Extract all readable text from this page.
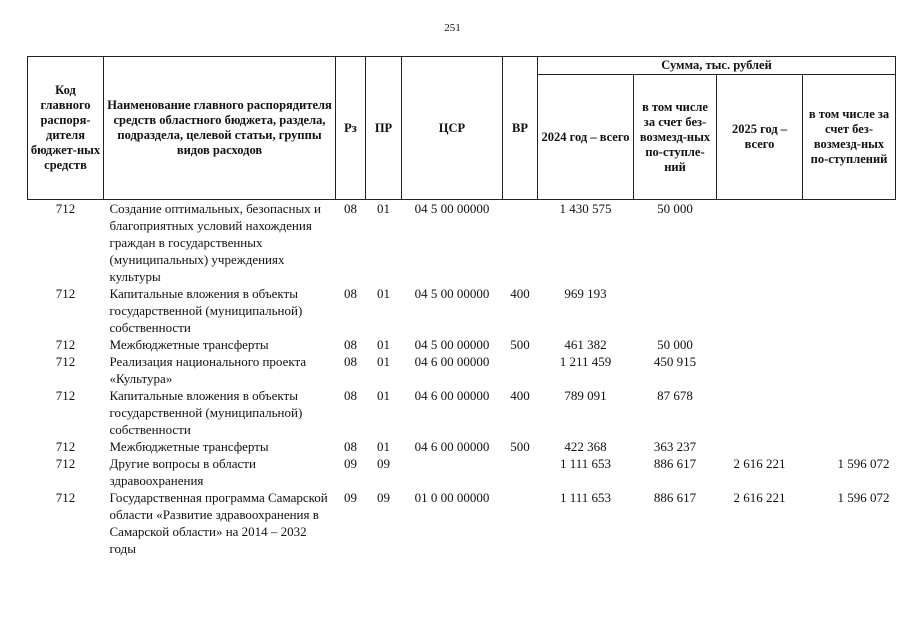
251
Код главного распоря-дителя бюджет-ных средств	Наименование главного распорядителя средств областного бюджета, раздела, подраздела, целевой статьи, группы видов расходов	Рз	ПР	ЦСР	ВР	Сумма, тыс. рублей			
						2024 год – всего	в том числе за счет без-возмезд-ных по-ступле-ний	2025 год – всего	в том числе за счет без-возмезд-ных по-ступлений
712	Создание оптимальных, безопасных и благоприятных условий нахождения граждан в государственных (муниципальных) учреждениях культуры	08	01	04 5 00 00000		1 430 575	50 000		
712	Капитальные вложения в объекты государственной (муниципальной) собственности	08	01	04 5 00 00000	400	969 193			
712	Межбюджетные трансферты	08	01	04 5 00 00000	500	461 382	50 000		
712	Реализация национального проекта «Культура»	08	01	04 6 00 00000		1 211 459	450 915		
712	Капитальные вложения в объекты государственной (муниципальной) собственности	08	01	04 6 00 00000	400	789 091	87 678		
712	Межбюджетные трансферты	08	01	04 6 00 00000	500	422 368	363 237		
712	Другие вопросы в области здравоохранения	09	09			1 111 653	886 617	2 616 221	1 596 072
712	Государственная программа Самарской области «Развитие здравоохранения в Самарской области» на 2014 – 2032 годы	09	09	01 0 00 00000		1 111 653	886 617	2 616 221	1 596 072
